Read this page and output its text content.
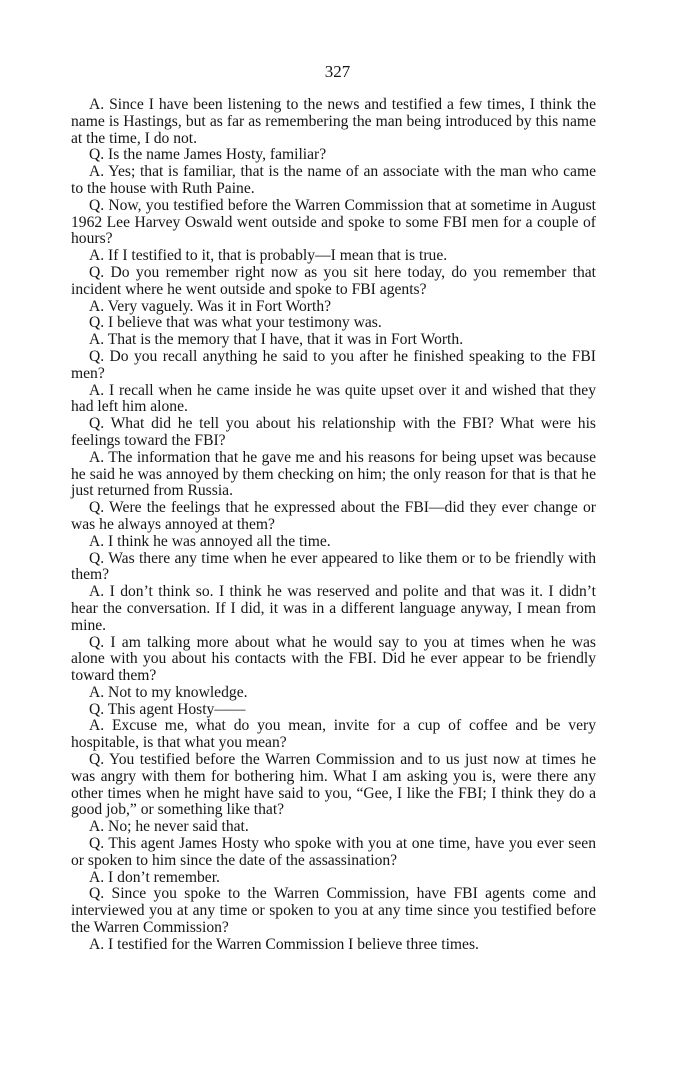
327

A. Since I have been listening to the news and testified a few times, I think the name is Hastings, but as far as remembering the man being introduced by this name at the time, I do not.

Q. Is the name James Hosty, familiar?

A. Yes; that is familiar, that is the name of an associate with the man who came to the house with Ruth Paine.

Q. Now, you testified before the Warren Commission that at sometime in August 1962 Lee Harvey Oswald went outside and spoke to some FBI men for a couple of hours?

A. If I testified to it, that is probably—I mean that is true.

Q. Do you remember right now as you sit here today, do you remember that incident where he went outside and spoke to FBI agents?

A. Very vaguely. Was it in Fort Worth?

Q. I believe that was what your testimony was.

A. That is the memory that I have, that it was in Fort Worth.

Q. Do you recall anything he said to you after he finished speaking to the FBI men?

A. I recall when he came inside he was quite upset over it and wished that they had left him alone.

Q. What did he tell you about his relationship with the FBI? What were his feelings toward the FBI?

A. The information that he gave me and his reasons for being upset was because he said he was annoyed by them checking on him; the only reason for that is that he just returned from Russia.

Q. Were the feelings that he expressed about the FBI—did they ever change or was he always annoyed at them?

A. I think he was annoyed all the time.

Q. Was there any time when he ever appeared to like them or to be friendly with them?

A. I don’t think so. I think he was reserved and polite and that was it. I didn’t hear the conversation. If I did, it was in a different language anyway, I mean from mine.

Q. I am talking more about what he would say to you at times when he was alone with you about his contacts with the FBI. Did he ever appear to be friendly toward them?

A. Not to my knowledge.

Q. This agent Hosty——

A. Excuse me, what do you mean, invite for a cup of coffee and be very hospitable, is that what you mean?

Q. You testified before the Warren Commission and to us just now at times he was angry with them for bothering him. What I am asking you is, were there any other times when he might have said to you, “Gee, I like the FBI; I think they do a good job,” or something like that?

A. No; he never said that.

Q. This agent James Hosty who spoke with you at one time, have you ever seen or spoken to him since the date of the assassination?

A. I don’t remember.

Q. Since you spoke to the Warren Commission, have FBI agents come and interviewed you at any time or spoken to you at any time since you testified before the Warren Commission?

A. I testified for the Warren Commission I believe three times.
